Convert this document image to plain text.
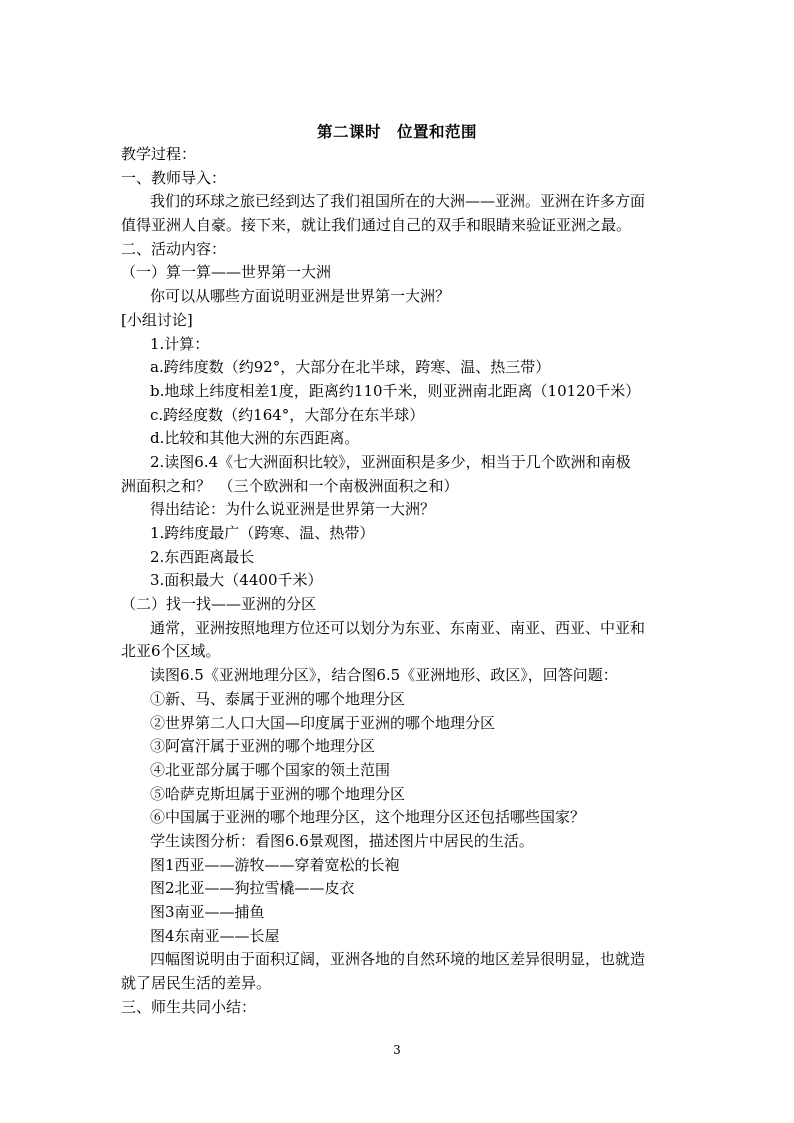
第二课时　位置和范围
教学过程：
一、教师导入：
我们的环球之旅已经到达了我们祖国所在的大洲——亚洲。亚洲在许多方面
值得亚洲人自豪。接下来，就让我们通过自己的双手和眼睛来验证亚洲之最。
二、活动内容：
（一）算一算——世界第一大洲
你可以从哪些方面说明亚洲是世界第一大洲？
[小组讨论]
1.计算：
a.跨纬度数（约92°，大部分在北半球，跨寒、温、热三带）
b.地球上纬度相差1度，距离约110千米，则亚洲南北距离（10120千米）
c.跨经度数（约164°，大部分在东半球）
d.比较和其他大洲的东西距离。
2.读图6.4《七大洲面积比较》，亚洲面积是多少，相当于几个欧洲和南极
洲面积之和？　（三个欧洲和一个南极洲面积之和）
得出结论：为什么说亚洲是世界第一大洲？
1.跨纬度最广（跨寒、温、热带）
2.东西距离最长
3.面积最大（4400千米）
（二）找一找——亚洲的分区
通常，亚洲按照地理方位还可以划分为东亚、东南亚、南亚、西亚、中亚和
北亚6个区域。
读图6.5《亚洲地理分区》，结合图6.5《亚洲地形、政区》，回答问题：
①新、马、泰属于亚洲的哪个地理分区
②世界第二人口大国—印度属于亚洲的哪个地理分区
③阿富汗属于亚洲的哪个地理分区
④北亚部分属于哪个国家的领土范围
⑤哈萨克斯坦属于亚洲的哪个地理分区
⑥中国属于亚洲的哪个地理分区，这个地理分区还包括哪些国家？
学生读图分析：看图6.6景观图，描述图片中居民的生活。
图1西亚——游牧——穿着宽松的长袍
图2北亚——狗拉雪橇——皮衣
图3南亚——捕鱼
图4东南亚——长屋
四幅图说明由于面积辽阔，亚洲各地的自然环境的地区差异很明显，也就造
就了居民生活的差异。
三、师生共同小结：
3
